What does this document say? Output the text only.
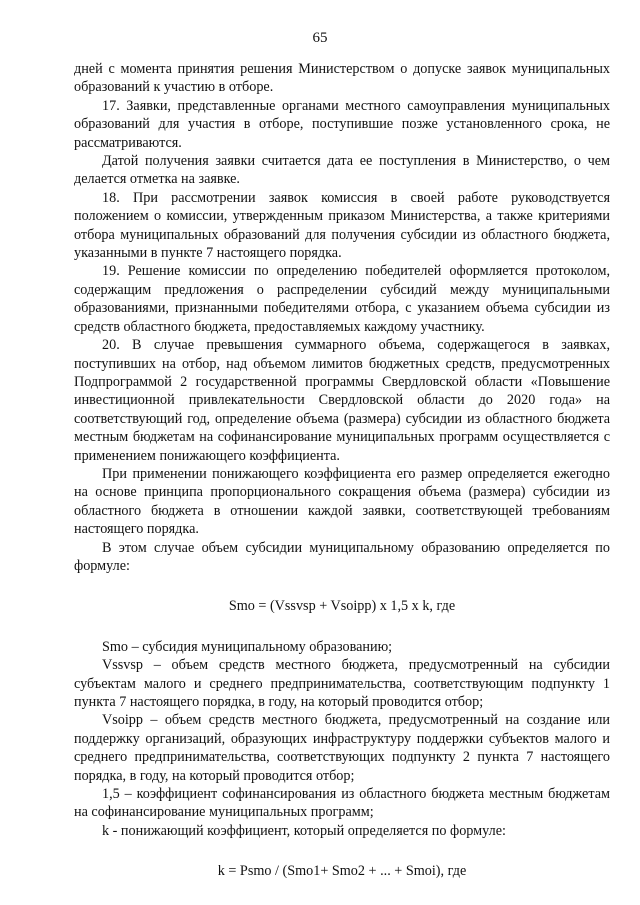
65

дней с момента принятия решения Министерством о допуске заявок муниципальных образований к участию в отборе.

17. Заявки, представленные органами местного самоуправления муниципальных образований для участия в отборе, поступившие позже установленного срока, не рассматриваются.

Датой получения заявки считается дата ее поступления в Министерство, о чем делается отметка на заявке.

18. При рассмотрении заявок комиссия в своей работе руководствуется положением о комиссии, утвержденным приказом Министерства, а также критериями отбора муниципальных образований для получения субсидии из областного бюджета, указанными в пункте 7 настоящего порядка.

19. Решение комиссии по определению победителей оформляется протоколом, содержащим предложения о распределении субсидий между муниципальными образованиями, признанными победителями отбора, с указанием объема субсидии из средств областного бюджета, предоставляемых каждому участнику.

20. В случае превышения суммарного объема, содержащегося в заявках, поступивших на отбор, над объемом лимитов бюджетных средств, предусмотренных Подпрограммой 2 государственной программы Свердловской области «Повышение инвестиционной привлекательности Свердловской области до 2020 года» на соответствующий год, определение объема (размера) субсидии из областного бюджета местным бюджетам на софинансирование муниципальных программ осуществляется с применением понижающего коэффициента.

При применении понижающего коэффициента его размер определяется ежегодно на основе принципа пропорционального сокращения объема (размера) субсидии из областного бюджета в отношении каждой заявки, соответствующей требованиям настоящего порядка.

В этом случае объем субсидии муниципальному образованию определяется по формуле:

Smo = (Vssvsp + Vsoipp) x 1,5 x k, где

Smo – субсидия муниципальному образованию;

Vssvsp – объем средств местного бюджета, предусмотренный на субсидии субъектам малого и среднего предпринимательства, соответствующим подпункту 1 пункта 7 настоящего порядка, в году, на который проводится отбор;

Vsoipp – объем средств местного бюджета, предусмотренный на создание или поддержку организаций, образующих инфраструктуру поддержки субъектов малого и среднего предпринимательства, соответствующих подпункту 2 пункта 7 настоящего порядка, в году, на который проводится отбор;

1,5 – коэффициент софинансирования из областного бюджета местным бюджетам на софинансирование муниципальных программ;

k - понижающий коэффициент, который определяется по формуле:

k = Psmo / (Smo1+ Smo2 + ... + Smoi), где
